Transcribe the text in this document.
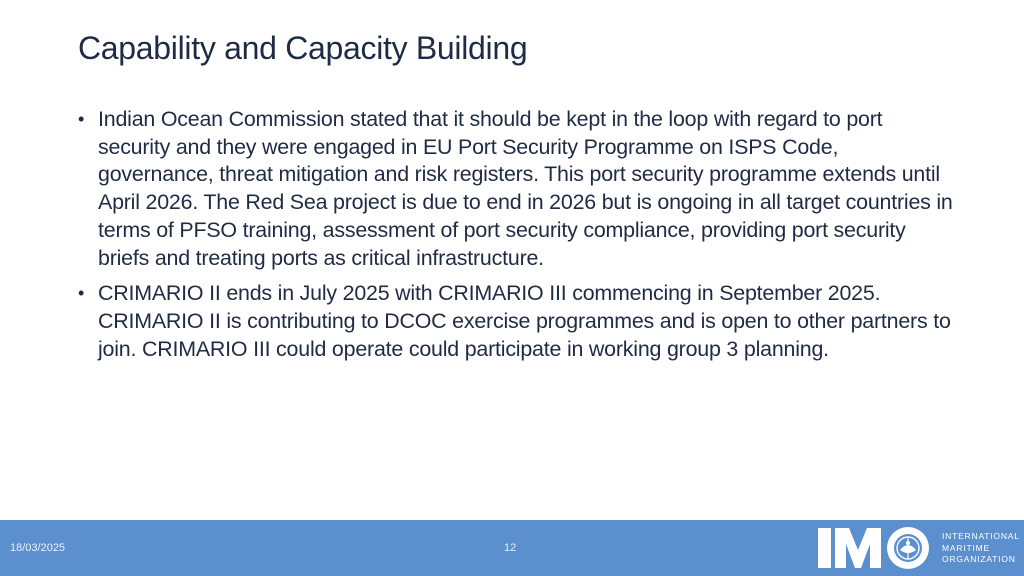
Capability and Capacity Building
• Indian Ocean Commission stated that it should be kept in the loop with regard to port security and they were engaged in EU Port Security Programme on ISPS Code, governance, threat mitigation and risk registers. This port security programme extends until April 2026. The Red Sea project is due to end in 2026 but is ongoing in all target countries in terms of PFSO training, assessment of port security compliance, providing port security briefs and treating ports as critical infrastructure.
• CRIMARIO II ends in July 2025 with CRIMARIO III commencing in September 2025. CRIMARIO II is contributing to DCOC exercise programmes and is open to other partners to join. CRIMARIO III could operate could participate in working group 3 planning.
18/03/2025	12
INTERNATIONAL
MARITIME
ORGANIZATION
